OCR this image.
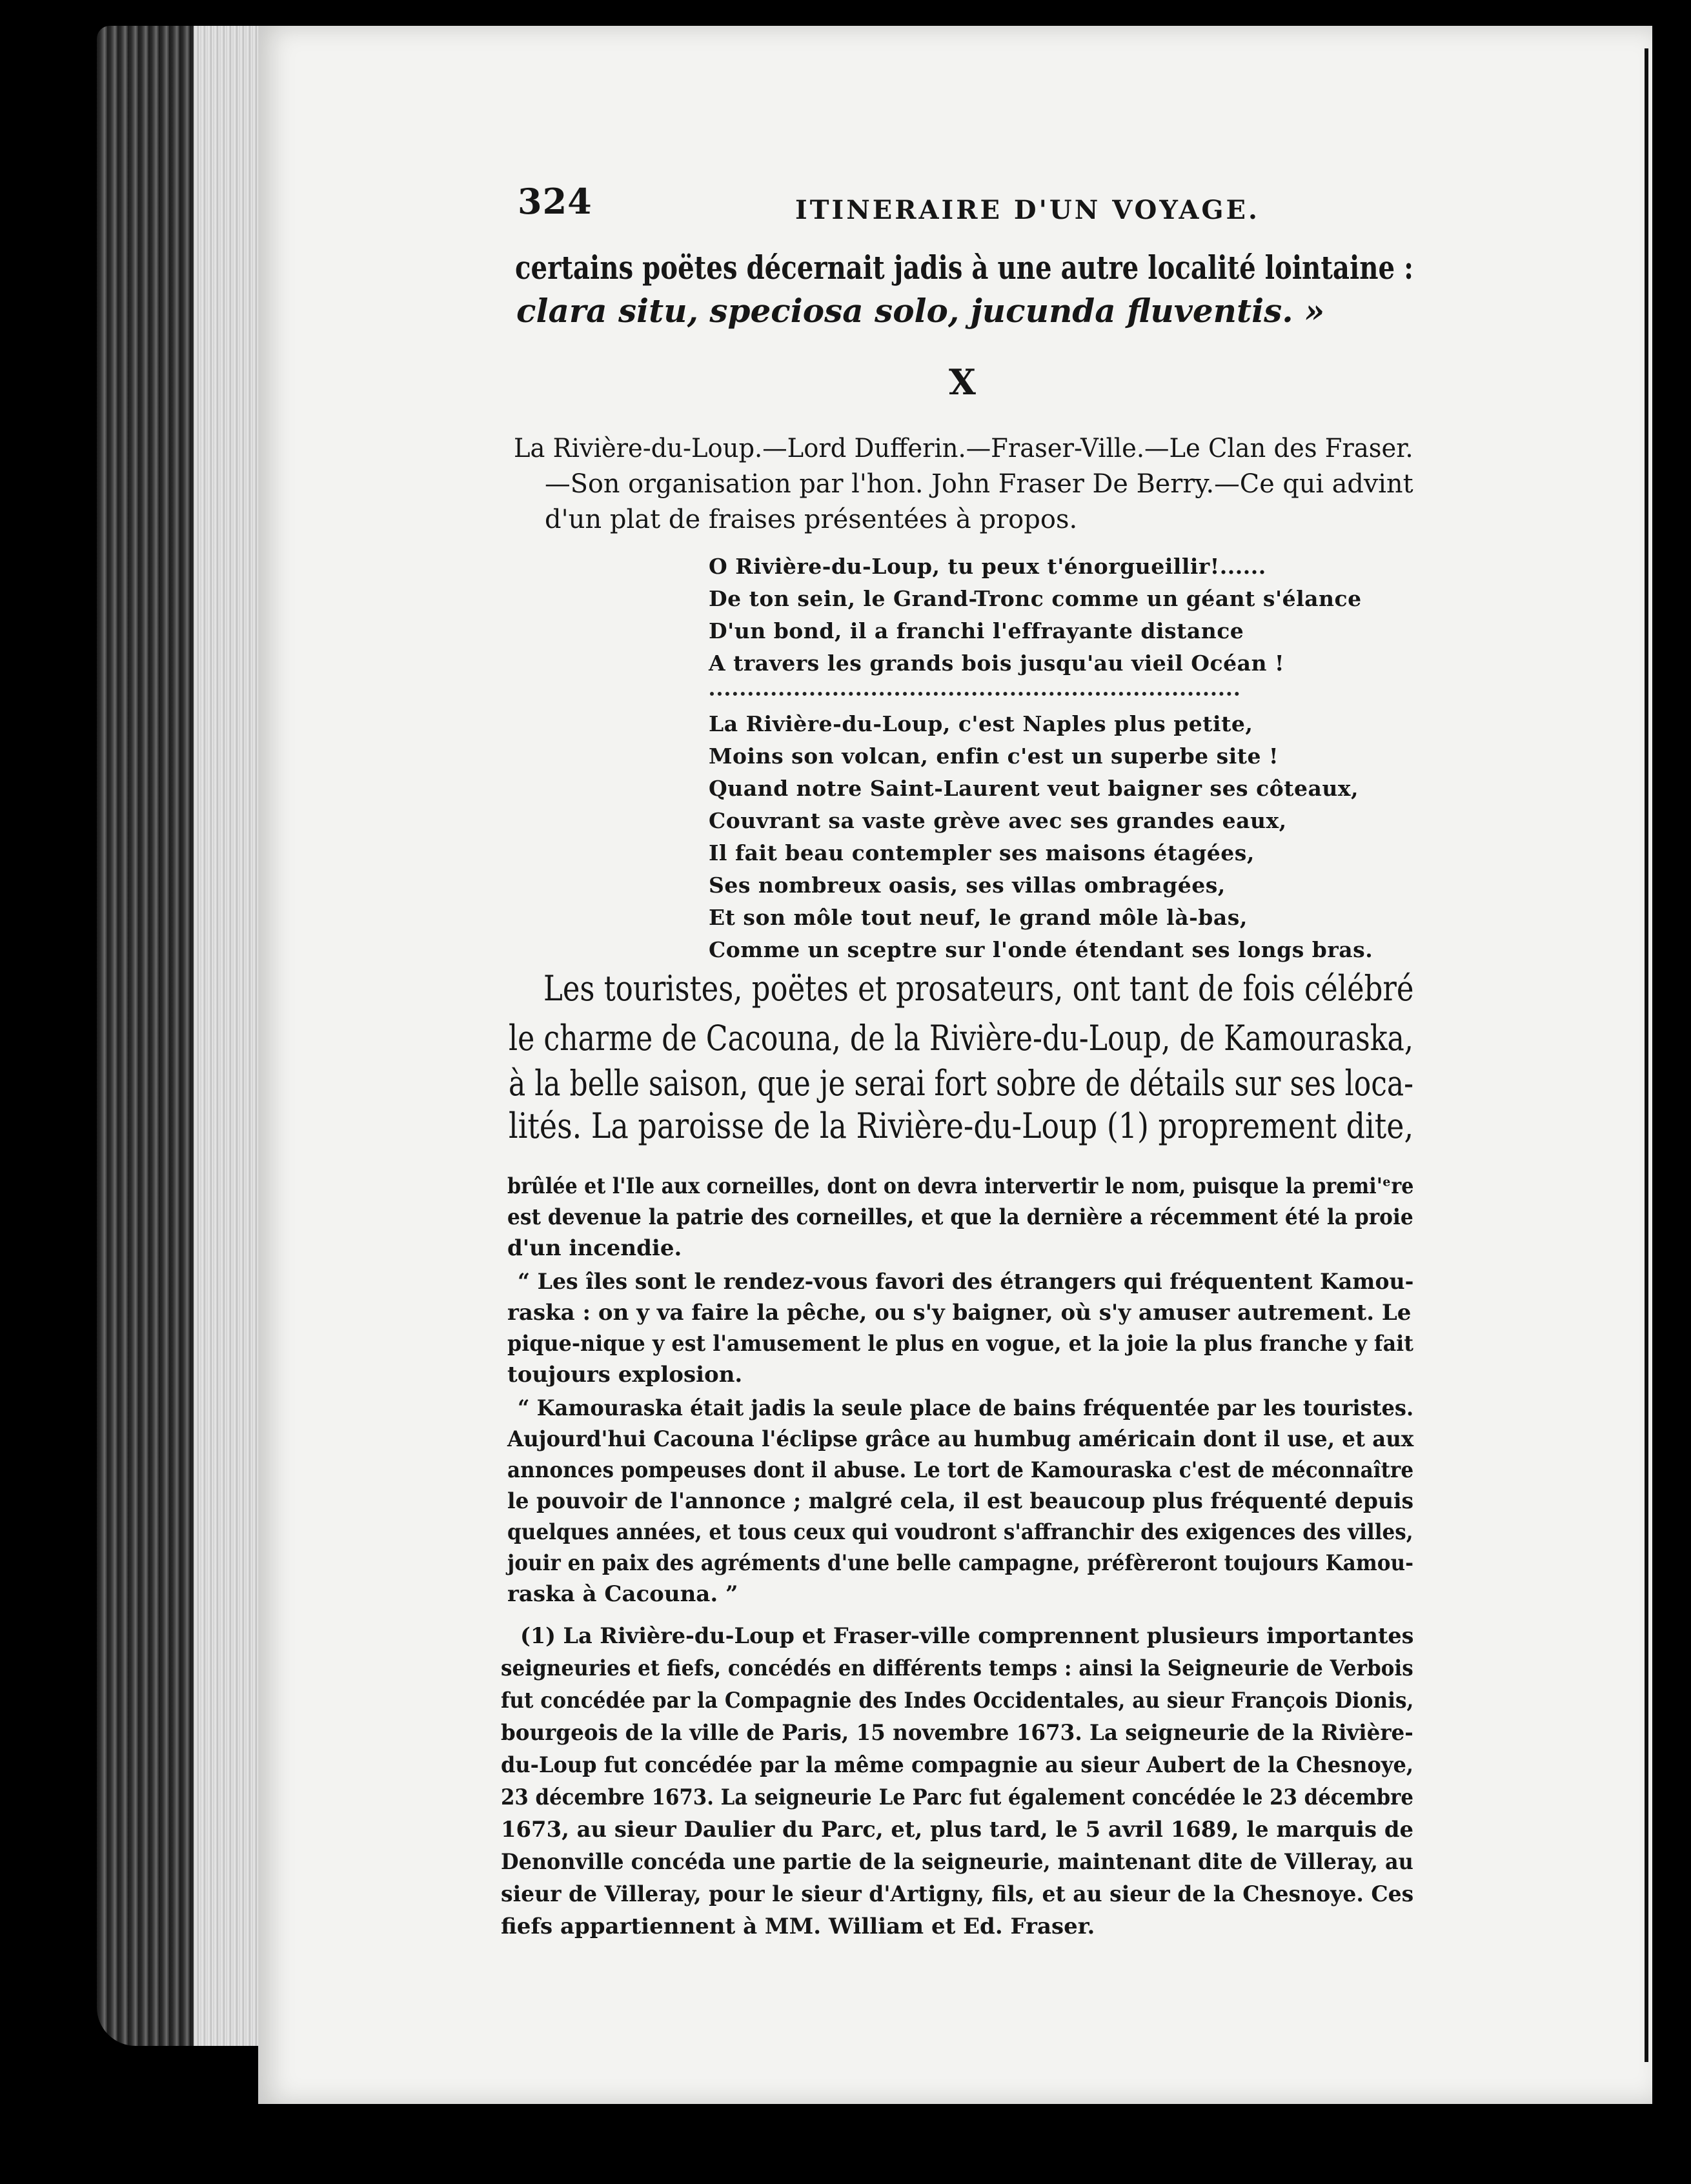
324	ITINERAIRE D'UN VOYAGE.
certains poëtes décernait jadis à une autre localité lointaine :
clara situ, speciosa solo, jucunda fluventis. »
X
La Rivière-du-Loup.—Lord Dufferin.—Fraser-Ville.—Le Clan des Fraser.
—Son organisation par l'hon. John Fraser De Berry.—Ce qui advint
d'un plat de fraises présentées à propos.
O Rivière-du-Loup, tu peux t'énorgueillir!......
De ton sein, le Grand-Tronc comme un géant s'élance
D'un bond, il a franchi l'effrayante distance
A travers les grands bois jusqu'au vieil Océan !
La Rivière-du-Loup, c'est Naples plus petite,
Moins son volcan, enfin c'est un superbe site !
Quand notre Saint-Laurent veut baigner ses côteaux,
Couvrant sa vaste grève avec ses grandes eaux,
Il fait beau contempler ses maisons étagées,
Ses nombreux oasis, ses villas ombragées,
Et son môle tout neuf, le grand môle là-bas,
Comme un sceptre sur l'onde étendant ses longs bras.
Les touristes, poëtes et prosateurs, ont tant de fois célébré
le charme de Cacouna, de la Rivière-du-Loup, de Kamouraska,
à la belle saison, que je serai fort sobre de détails sur ses loca-
lités. La paroisse de la Rivière-du-Loup (1) proprement dite,
brûlée et l'Ile aux corneilles, dont on devra intervertir le nom, puisque la premi'ᵉre
est devenue la patrie des corneilles, et que la dernière a récemment été la proie
d'un incendie.
“ Les îles sont le rendez-vous favori des étrangers qui fréquentent Kamou-
raska : on y va faire la pêche, ou s'y baigner, où s'y amuser autrement. Le
pique-nique y est l'amusement le plus en vogue, et la joie la plus franche y fait
toujours explosion.
“ Kamouraska était jadis la seule place de bains fréquentée par les touristes.
Aujourd'hui Cacouna l'éclipse grâce au humbug américain dont il use, et aux
annonces pompeuses dont il abuse. Le tort de Kamouraska c'est de méconnaître
le pouvoir de l'annonce ; malgré cela, il est beaucoup plus fréquenté depuis
quelques années, et tous ceux qui voudront s'affranchir des exigences des villes,
jouir en paix des agréments d'une belle campagne, préfèreront toujours Kamou-
raska à Cacouna. ”
(1) La Rivière-du-Loup et Fraser-ville comprennent plusieurs importantes
seigneuries et fiefs, concédés en différents temps : ainsi la Seigneurie de Verbois
fut concédée par la Compagnie des Indes Occidentales, au sieur François Dionis,
bourgeois de la ville de Paris, 15 novembre 1673. La seigneurie de la Rivière-
du-Loup fut concédée par la même compagnie au sieur Aubert de la Chesnoye,
23 décembre 1673. La seigneurie Le Parc fut également concédée le 23 décembre
1673, au sieur Daulier du Parc, et, plus tard, le 5 avril 1689, le marquis de
Denonville concéda une partie de la seigneurie, maintenant dite de Villeray, au
sieur de Villeray, pour le sieur d'Artigny, fils, et au sieur de la Chesnoye. Ces
fiefs appartiennent à MM. William et Ed. Fraser.
